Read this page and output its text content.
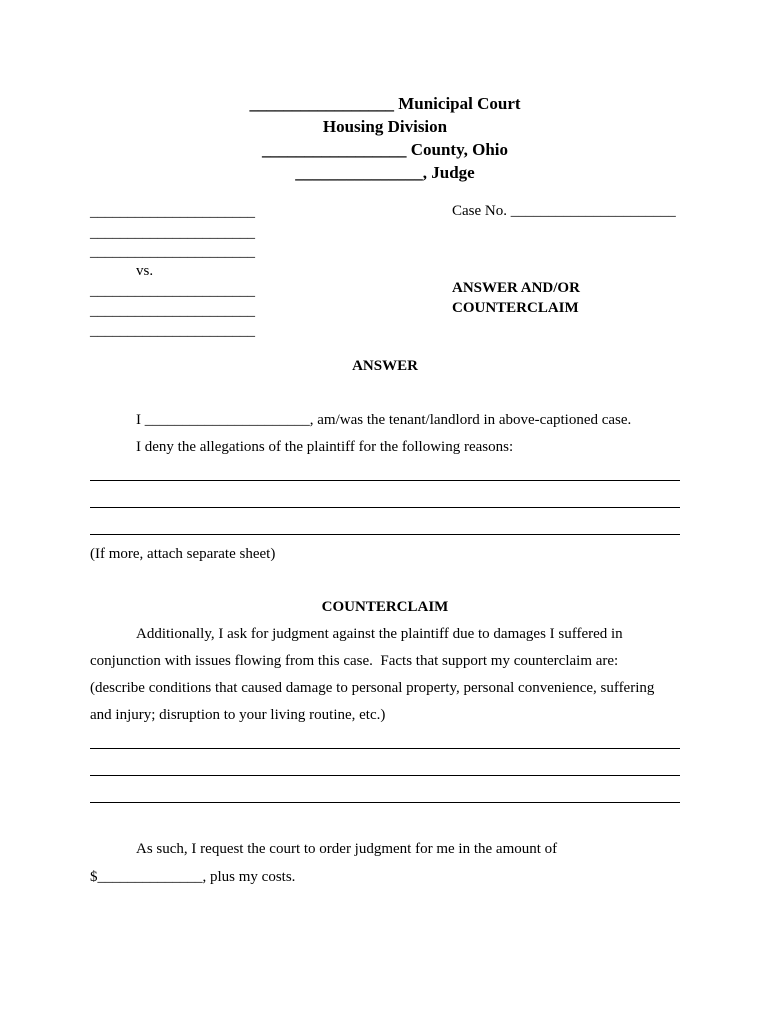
_________________ Municipal Court
Housing Division
_________________ County, Ohio
_______________, Judge
______________________
______________________
______________________
vs.
______________________
______________________
______________________
Case No. ______________________
ANSWER AND/OR
COUNTERCLAIM
ANSWER
I ______________________, am/was the tenant/landlord in above-captioned case.
I deny the allegations of the plaintiff for the following reasons:
(If more, attach separate sheet)
COUNTERCLAIM
Additionally, I ask for judgment against the plaintiff due to damages I suffered in
conjunction with issues flowing from this case.  Facts that support my counterclaim are:
(describe conditions that caused damage to personal property, personal convenience, suffering
and injury; disruption to your living routine, etc.)
As such, I request the court to order judgment for me in the amount of
$______________, plus my costs.
